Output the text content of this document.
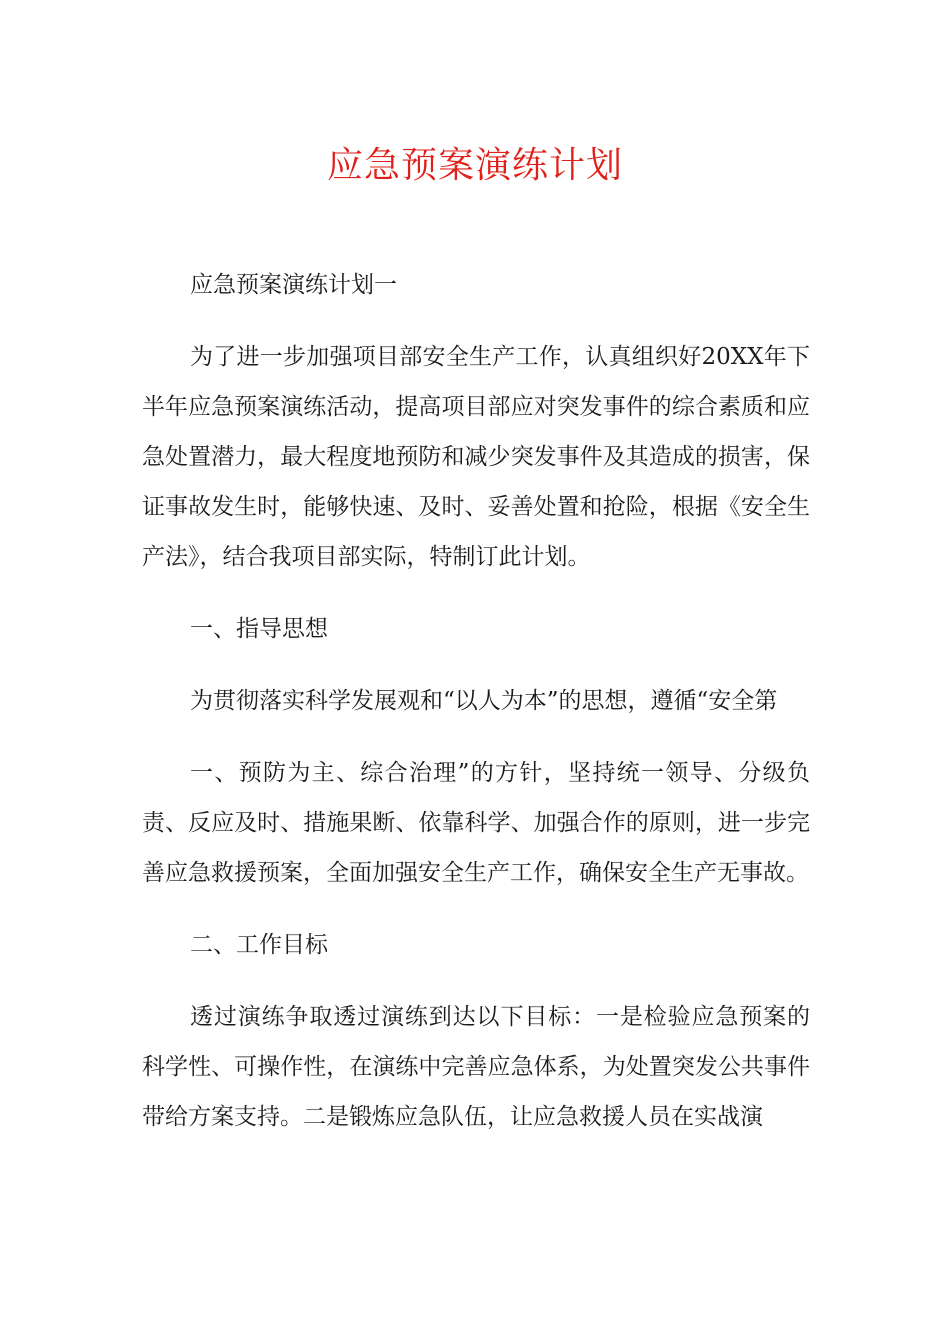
应急预案演练计划

应急预案演练计划一

为了进一步加强项目部安全生产工作，认真组织好20XX年下半年应急预案演练活动，提高项目部应对突发事件的综合素质和应急处置潜力，最大程度地预防和减少突发事件及其造成的损害，保证事故发生时，能够快速、及时、妥善处置和抢险，根据《安全生产法》，结合我项目部实际，特制订此计划。

一、指导思想

为贯彻落实科学发展观和“以人为本”的思想，遵循“安全第

一、预防为主、综合治理”的方针，坚持统一领导、分级负责、反应及时、措施果断、依靠科学、加强合作的原则，进一步完善应急救援预案，全面加强安全生产工作，确保安全生产无事故。

二、工作目标

透过演练争取透过演练到达以下目标：一是检验应急预案的科学性、可操作性，在演练中完善应急体系，为处置突发公共事件带给方案支持。二是锻炼应急队伍，让应急救援人员在实战演
